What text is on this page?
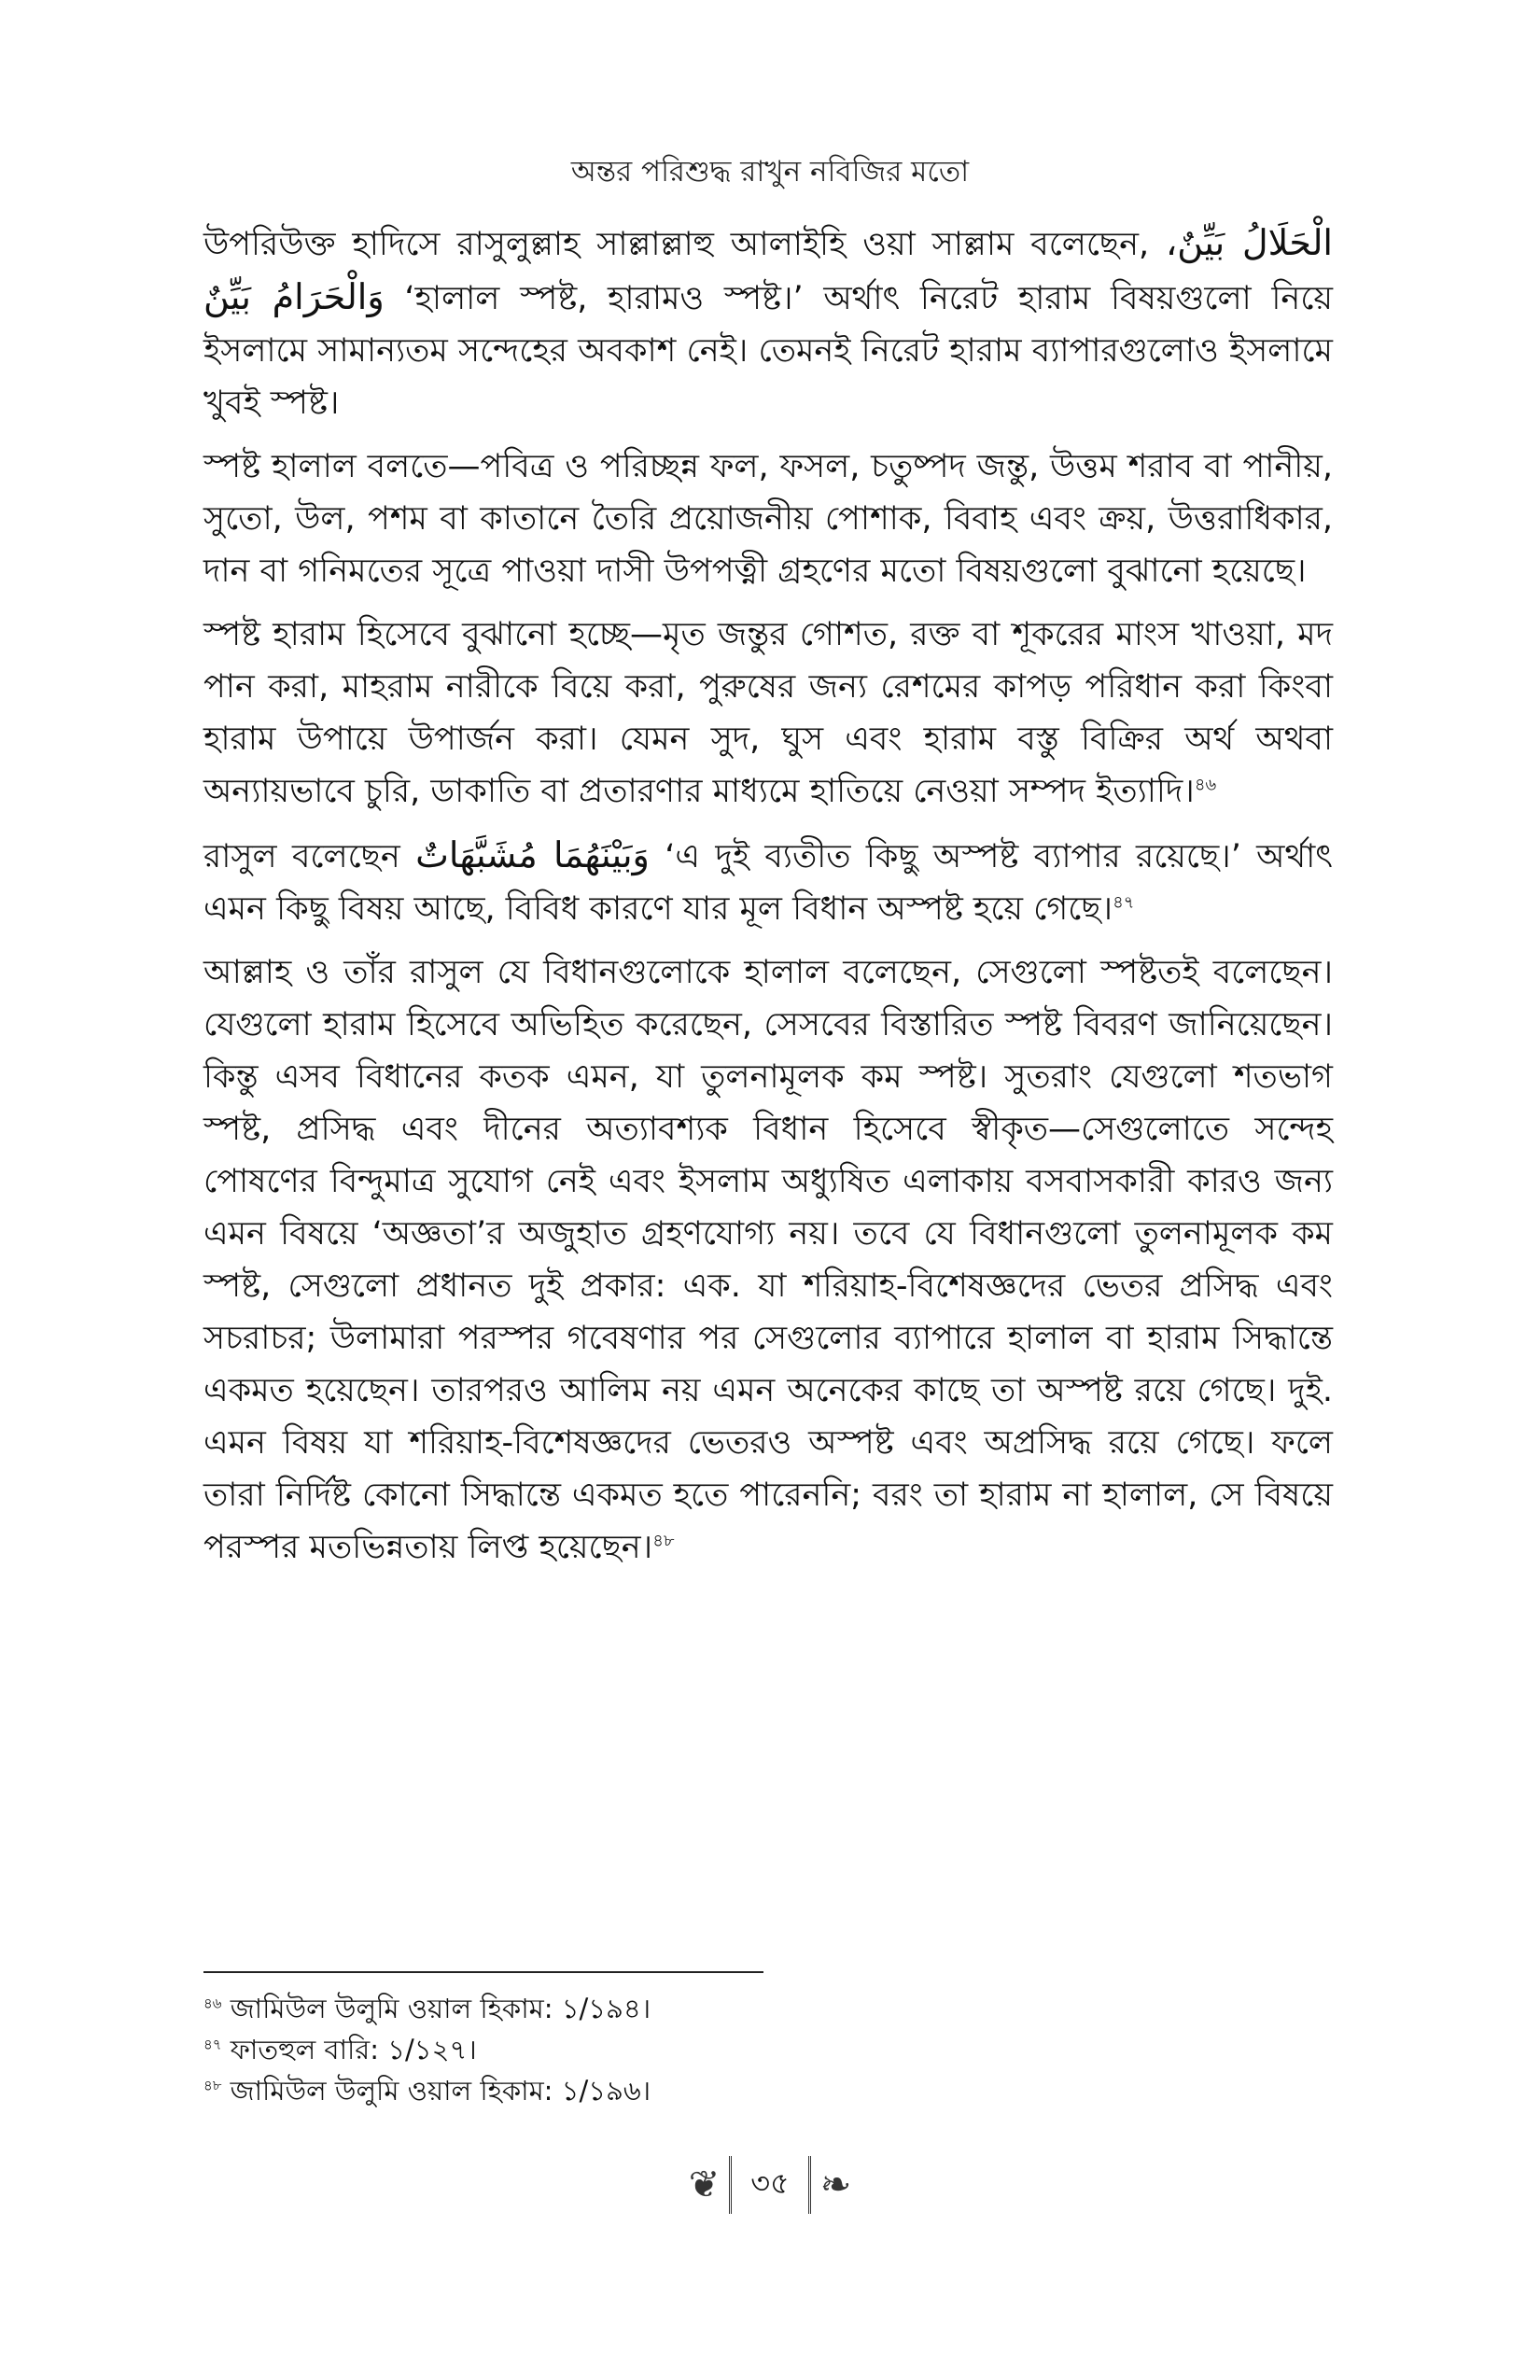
অন্তর পরিশুদ্ধ রাখুন নবিজির মতো

উপরিউক্ত হাদিসে রাসুলুল্লাহ সাল্লাল্লাহু আলাইহি ওয়া সাল্লাম বলেছেন, الْحَلَالُ بَيِّنٌ، وَالْحَرَامُ بَيِّنٌ ‘হালাল স্পষ্ট, হারামও স্পষ্ট।’ অর্থাৎ নিরেট হারাম বিষয়গুলো নিয়ে ইসলামে সামান্যতম সন্দেহের অবকাশ নেই। তেমনই নিরেট হারাম ব্যাপারগুলোও ইসলামে খুবই স্পষ্ট।

স্পষ্ট হালাল বলতে—পবিত্র ও পরিচ্ছন্ন ফল, ফসল, চতুষ্পদ জন্তু, উত্তম শরাব বা পানীয়, সুতো, উল, পশম বা কাতানে তৈরি প্রয়োজনীয় পোশাক, বিবাহ এবং ক্রয়, উত্তরাধিকার, দান বা গনিমতের সূত্রে পাওয়া দাসী উপপত্নী গ্রহণের মতো বিষয়গুলো বুঝানো হয়েছে।

স্পষ্ট হারাম হিসেবে বুঝানো হচ্ছে—মৃত জন্তুর গোশত, রক্ত বা শূকরের মাংস খাওয়া, মদ পান করা, মাহরাম নারীকে বিয়ে করা, পুরুষের জন্য রেশমের কাপড় পরিধান করা কিংবা হারাম উপায়ে উপার্জন করা। যেমন সুদ, ঘুস এবং হারাম বস্তু বিক্রির অর্থ অথবা অন্যায়ভাবে চুরি, ডাকাতি বা প্রতারণার মাধ্যমে হাতিয়ে নেওয়া সম্পদ ইত্যাদি।$^{৪৬}$

রাসুল বলেছেন وَبَيْنَهُمَا مُشَبَّهَاتٌ ‘এ দুই ব্যতীত কিছু অস্পষ্ট ব্যাপার রয়েছে।’ অর্থাৎ এমন কিছু বিষয় আছে, বিবিধ কারণে যার মূল বিধান অস্পষ্ট হয়ে গেছে।$^{৪৭}$

আল্লাহ ও তাঁর রাসুল যে বিধানগুলোকে হালাল বলেছেন, সেগুলো স্পষ্টতই বলেছেন। যেগুলো হারাম হিসেবে অভিহিত করেছেন, সেসবের বিস্তারিত স্পষ্ট বিবরণ জানিয়েছেন। কিন্তু এসব বিধানের কতক এমন, যা তুলনামূলক কম স্পষ্ট। সুতরাং যেগুলো শতভাগ স্পষ্ট, প্রসিদ্ধ এবং দীনের অত্যাবশ্যক বিধান হিসেবে স্বীকৃত—সেগুলোতে সন্দেহ পোষণের বিন্দুমাত্র সুযোগ নেই এবং ইসলাম অধ্যুষিত এলাকায় বসবাসকারী কারও জন্য এমন বিষয়ে ‘অজ্ঞতা’র অজুহাত গ্রহণযোগ্য নয়। তবে যে বিধানগুলো তুলনামূলক কম স্পষ্ট, সেগুলো প্রধানত দুই প্রকার: এক. যা শরিয়াহ-বিশেষজ্ঞদের ভেতর প্রসিদ্ধ এবং সচরাচর; উলামারা পরস্পর গবেষণার পর সেগুলোর ব্যাপারে হালাল বা হারাম সিদ্ধান্তে একমত হয়েছেন। তারপরও আলিম নয় এমন অনেকের কাছে তা অস্পষ্ট রয়ে গেছে। দুই. এমন বিষয় যা শরিয়াহ-বিশেষজ্ঞদের ভেতরও অস্পষ্ট এবং অপ্রসিদ্ধ রয়ে গেছে। ফলে তারা নির্দিষ্ট কোনো সিদ্ধান্তে একমত হতে পারেননি; বরং তা হারাম না হালাল, সে বিষয়ে পরস্পর মতভিন্নতায় লিপ্ত হয়েছেন।$^{৪৮}$

$^{৪৬}$ জামিউল উলুমি ওয়াল হিকাম: ১/১৯৪।
$^{৪৭}$ ফাতহুল বারি: ১/১২৭।
$^{৪৮}$ জামিউল উলুমি ওয়াল হিকাম: ১/১৯৬।
❦	৩৫ ❧
